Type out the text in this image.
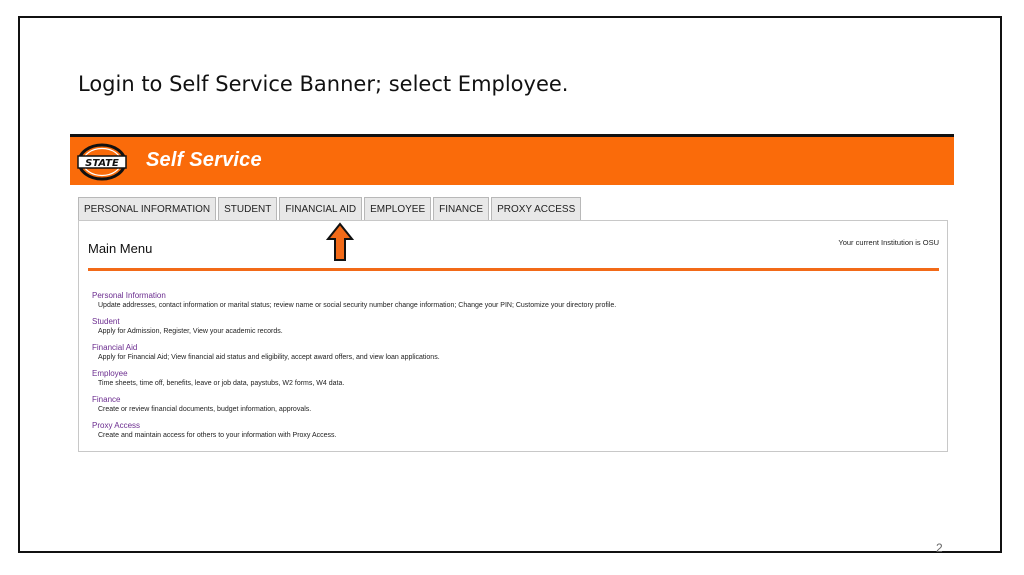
Login to Self Service Banner; select Employee.
STATE Self Service
PERSONAL INFORMATION	STUDENT	FINANCIAL AID	EMPLOYEE	FINANCE	PROXY ACCESS
Main Menu	Your current Institution is OSU
Personal Information
Update addresses, contact information or marital status; review name or social security number change information; Change your PIN; Customize your directory profile.
Student
Apply for Admission, Register, View your academic records.
Financial Aid
Apply for Financial Aid; View financial aid status and eligibility, accept award offers, and view loan applications.
Employee
Time sheets, time off, benefits, leave or job data, paystubs, W2 forms, W4 data.
Finance
Create or review financial documents, budget information, approvals.
Proxy Access
Create and maintain access for others to your information with Proxy Access.
2
